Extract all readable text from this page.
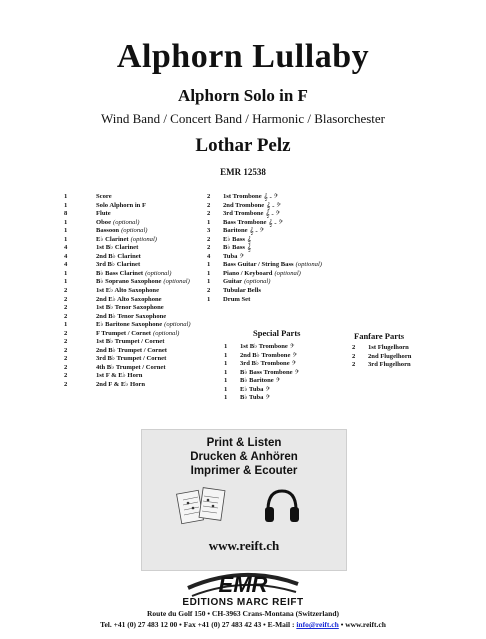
Alphorn Lullaby
Alphorn Solo in F
Wind Band / Concert Band / Harmonic / Blasorchester
Lothar Pelz
EMR 12538
1	Score
1	Solo Alphorn in F
8	Flute
1	Oboe (optional)
1	Bassoon (optional)
1	E♭ Clarinet (optional)
4	1st B♭ Clarinet
4	2nd B♭ Clarinet
4	3rd B♭ Clarinet
1	B♭ Bass Clarinet (optional)
1	B♭ Soprano Saxophone (optional)
2	1st E♭ Alto Saxophone
2	2nd E♭ Alto Saxophone
2	1st B♭ Tenor Saxophone
2	2nd B♭ Tenor Saxophone
1	E♭ Baritone Saxophone (optional)
2	F Trumpet / Cornet (optional)
2	1st B♭ Trumpet / Cornet
2	2nd B♭ Trumpet / Cornet
2	3rd B♭ Trumpet / Cornet
2	4th B♭ Trumpet / Cornet
2	1st F & E♭ Horn
2	2nd F & E♭ Horn
2	1st Trombone 𝄞 - 𝄢
2	2nd Trombone 𝄞 - 𝄢
2	3rd Trombone 𝄞 - 𝄢
1	Bass Trombone 𝄞 - 𝄢
3	Baritone 𝄞 - 𝄢
2	E♭ Bass 𝄞
2	B♭ Bass 𝄞
4	Tuba 𝄢
1	Bass Guitar / String Bass (optional)
1	Piano / Keyboard (optional)
1	Guitar (optional)
2	Tubular Bells
1	Drum Set
Special Parts
1	1st B♭ Trombone 𝄢
1	2nd B♭ Trombone 𝄢
1	3rd B♭ Trombone 𝄢
1	B♭ Bass Trombone 𝄢
1	B♭ Baritone 𝄢
1	E♭ Tuba 𝄢
1	B♭ Tuba 𝄢
Fanfare Parts
2	1st Flugelhorn
2	2nd Flugelhorn
2	3rd Flugelhorn
Print & Listen
Drucken & Anhören
Imprimer & Ecouter
www.reift.ch
EMR
EDITIONS MARC REIFT
Route du Golf 150 • CH-3963 Crans-Montana (Switzerland)
Tel. +41 (0) 27 483 12 00 • Fax +41 (0) 27 483 42 43 • E-Mail : info@reift.ch • www.reift.ch
